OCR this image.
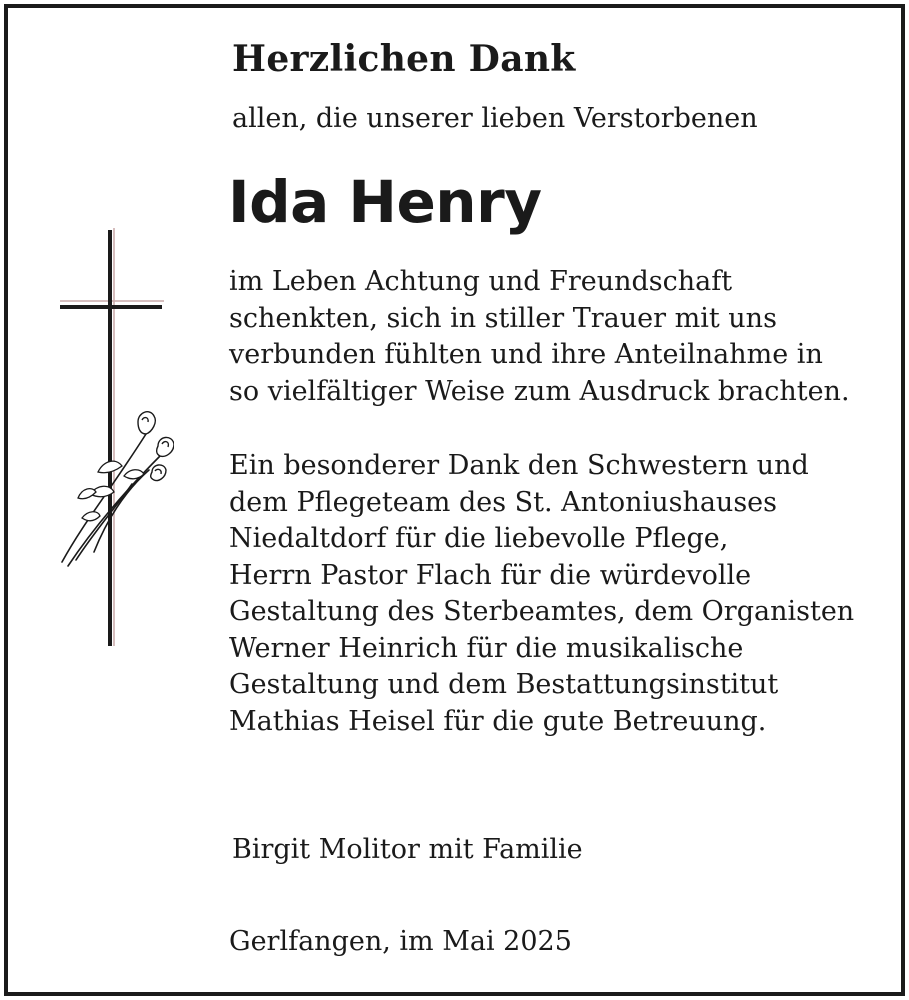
Herzlichen Dank
allen, die unserer lieben Verstorbenen
Ida Henry
im Leben Achtung und Freundschaft
schenkten, sich in stiller Trauer mit uns
verbunden fühlten und ihre Anteilnahme in
so vielfältiger Weise zum Ausdruck brachten.
Ein besonderer Dank den Schwestern und
dem Pflegeteam des St. Antoniushauses
Niedaltdorf für die liebevolle Pflege,
Herrn Pastor Flach für die würdevolle
Gestaltung des Sterbeamtes, dem Organisten
Werner Heinrich für die musikalische
Gestaltung und dem Bestattungsinstitut
Mathias Heisel für die gute Betreuung.
Birgit Molitor mit Familie
Gerlfangen, im Mai 2025
